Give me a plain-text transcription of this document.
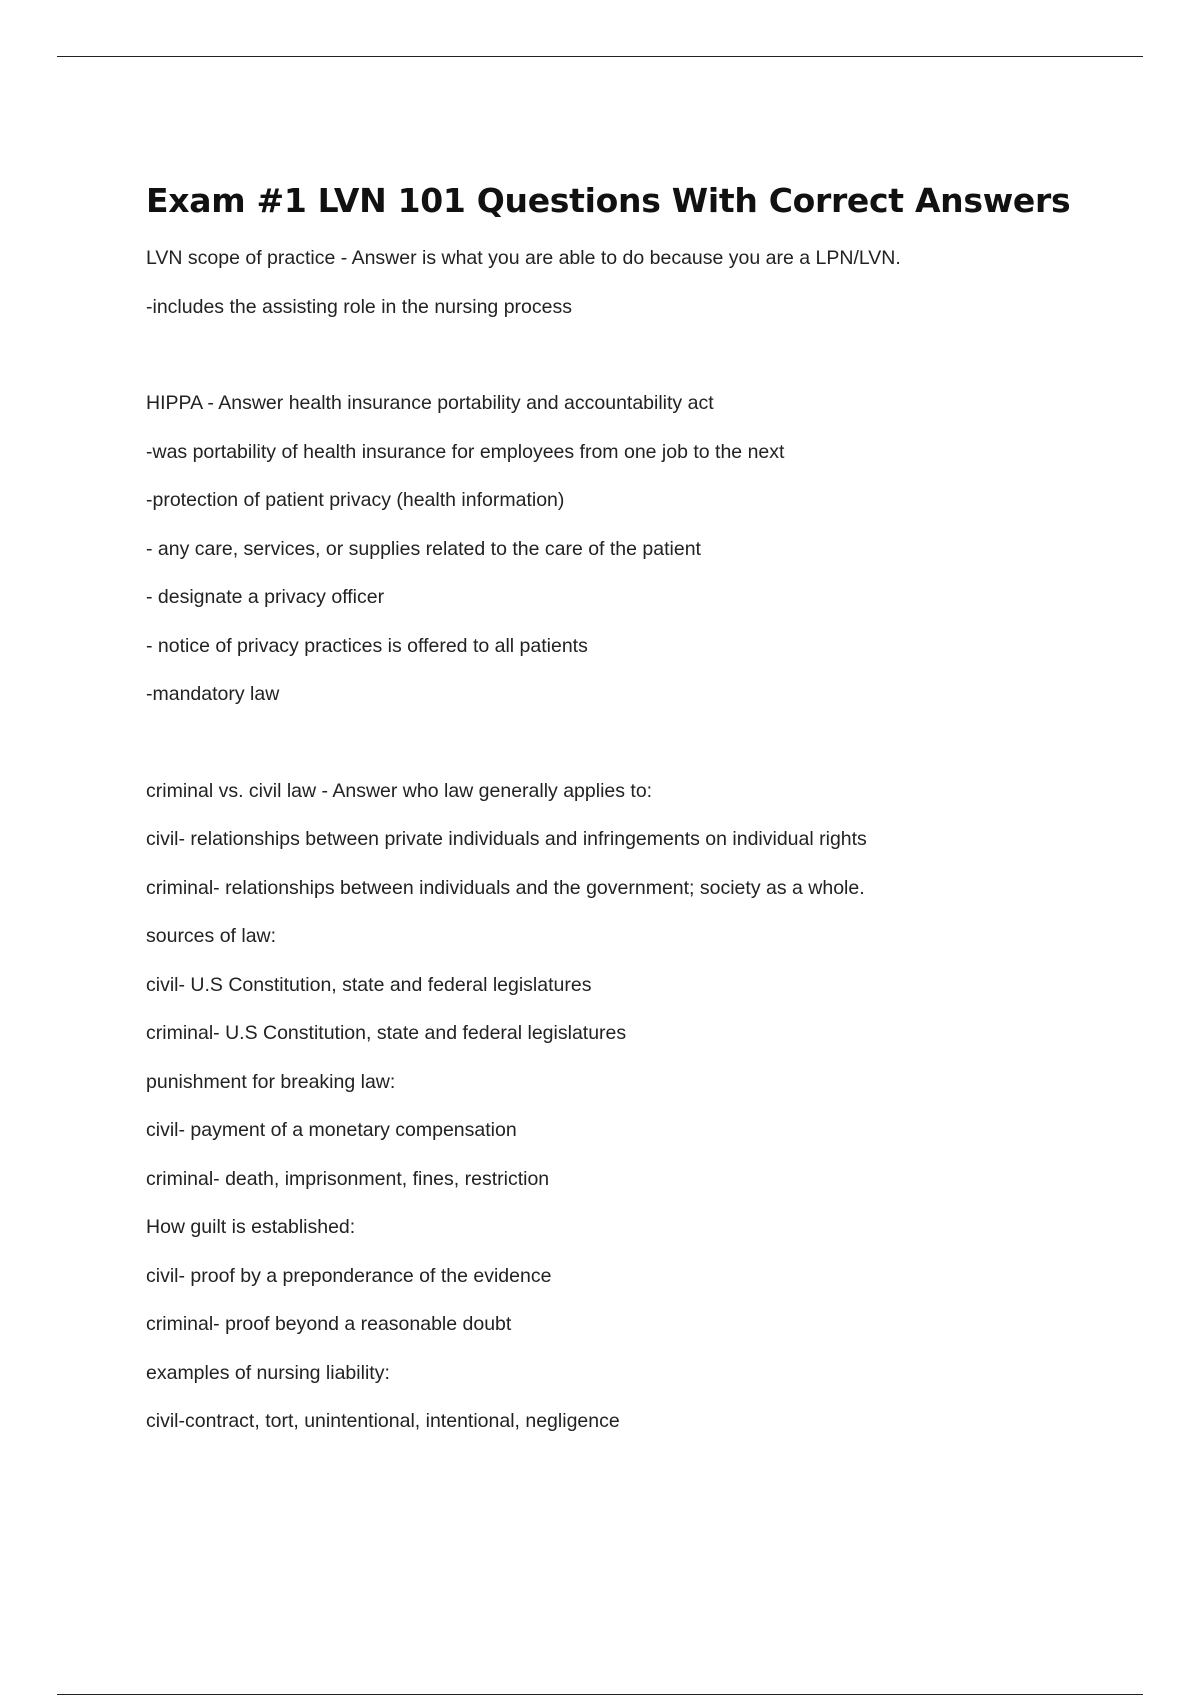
Exam #1 LVN 101 Questions With Correct Answers
LVN scope of practice - Answer is what you are able to do because you are a LPN/LVN.
-includes the assisting role in the nursing process
HIPPA - Answer health insurance portability and accountability act
-was portability of health insurance for employees from one job to the next
-protection of patient privacy (health information)
- any care, services, or supplies related to the care of the patient
- designate a privacy officer
- notice of privacy practices is offered to all patients
-mandatory law
criminal vs. civil law - Answer who law generally applies to:
civil- relationships between private individuals and infringements on individual rights
criminal- relationships between individuals and the government; society as a whole.
sources of law:
civil- U.S Constitution, state and federal legislatures
criminal- U.S Constitution, state and federal legislatures
punishment for breaking law:
civil- payment of a monetary compensation
criminal- death, imprisonment, fines, restriction
How guilt is established:
civil- proof by a preponderance of the evidence
criminal- proof beyond a reasonable doubt
examples of nursing liability:
civil-contract, tort, unintentional, intentional, negligence
